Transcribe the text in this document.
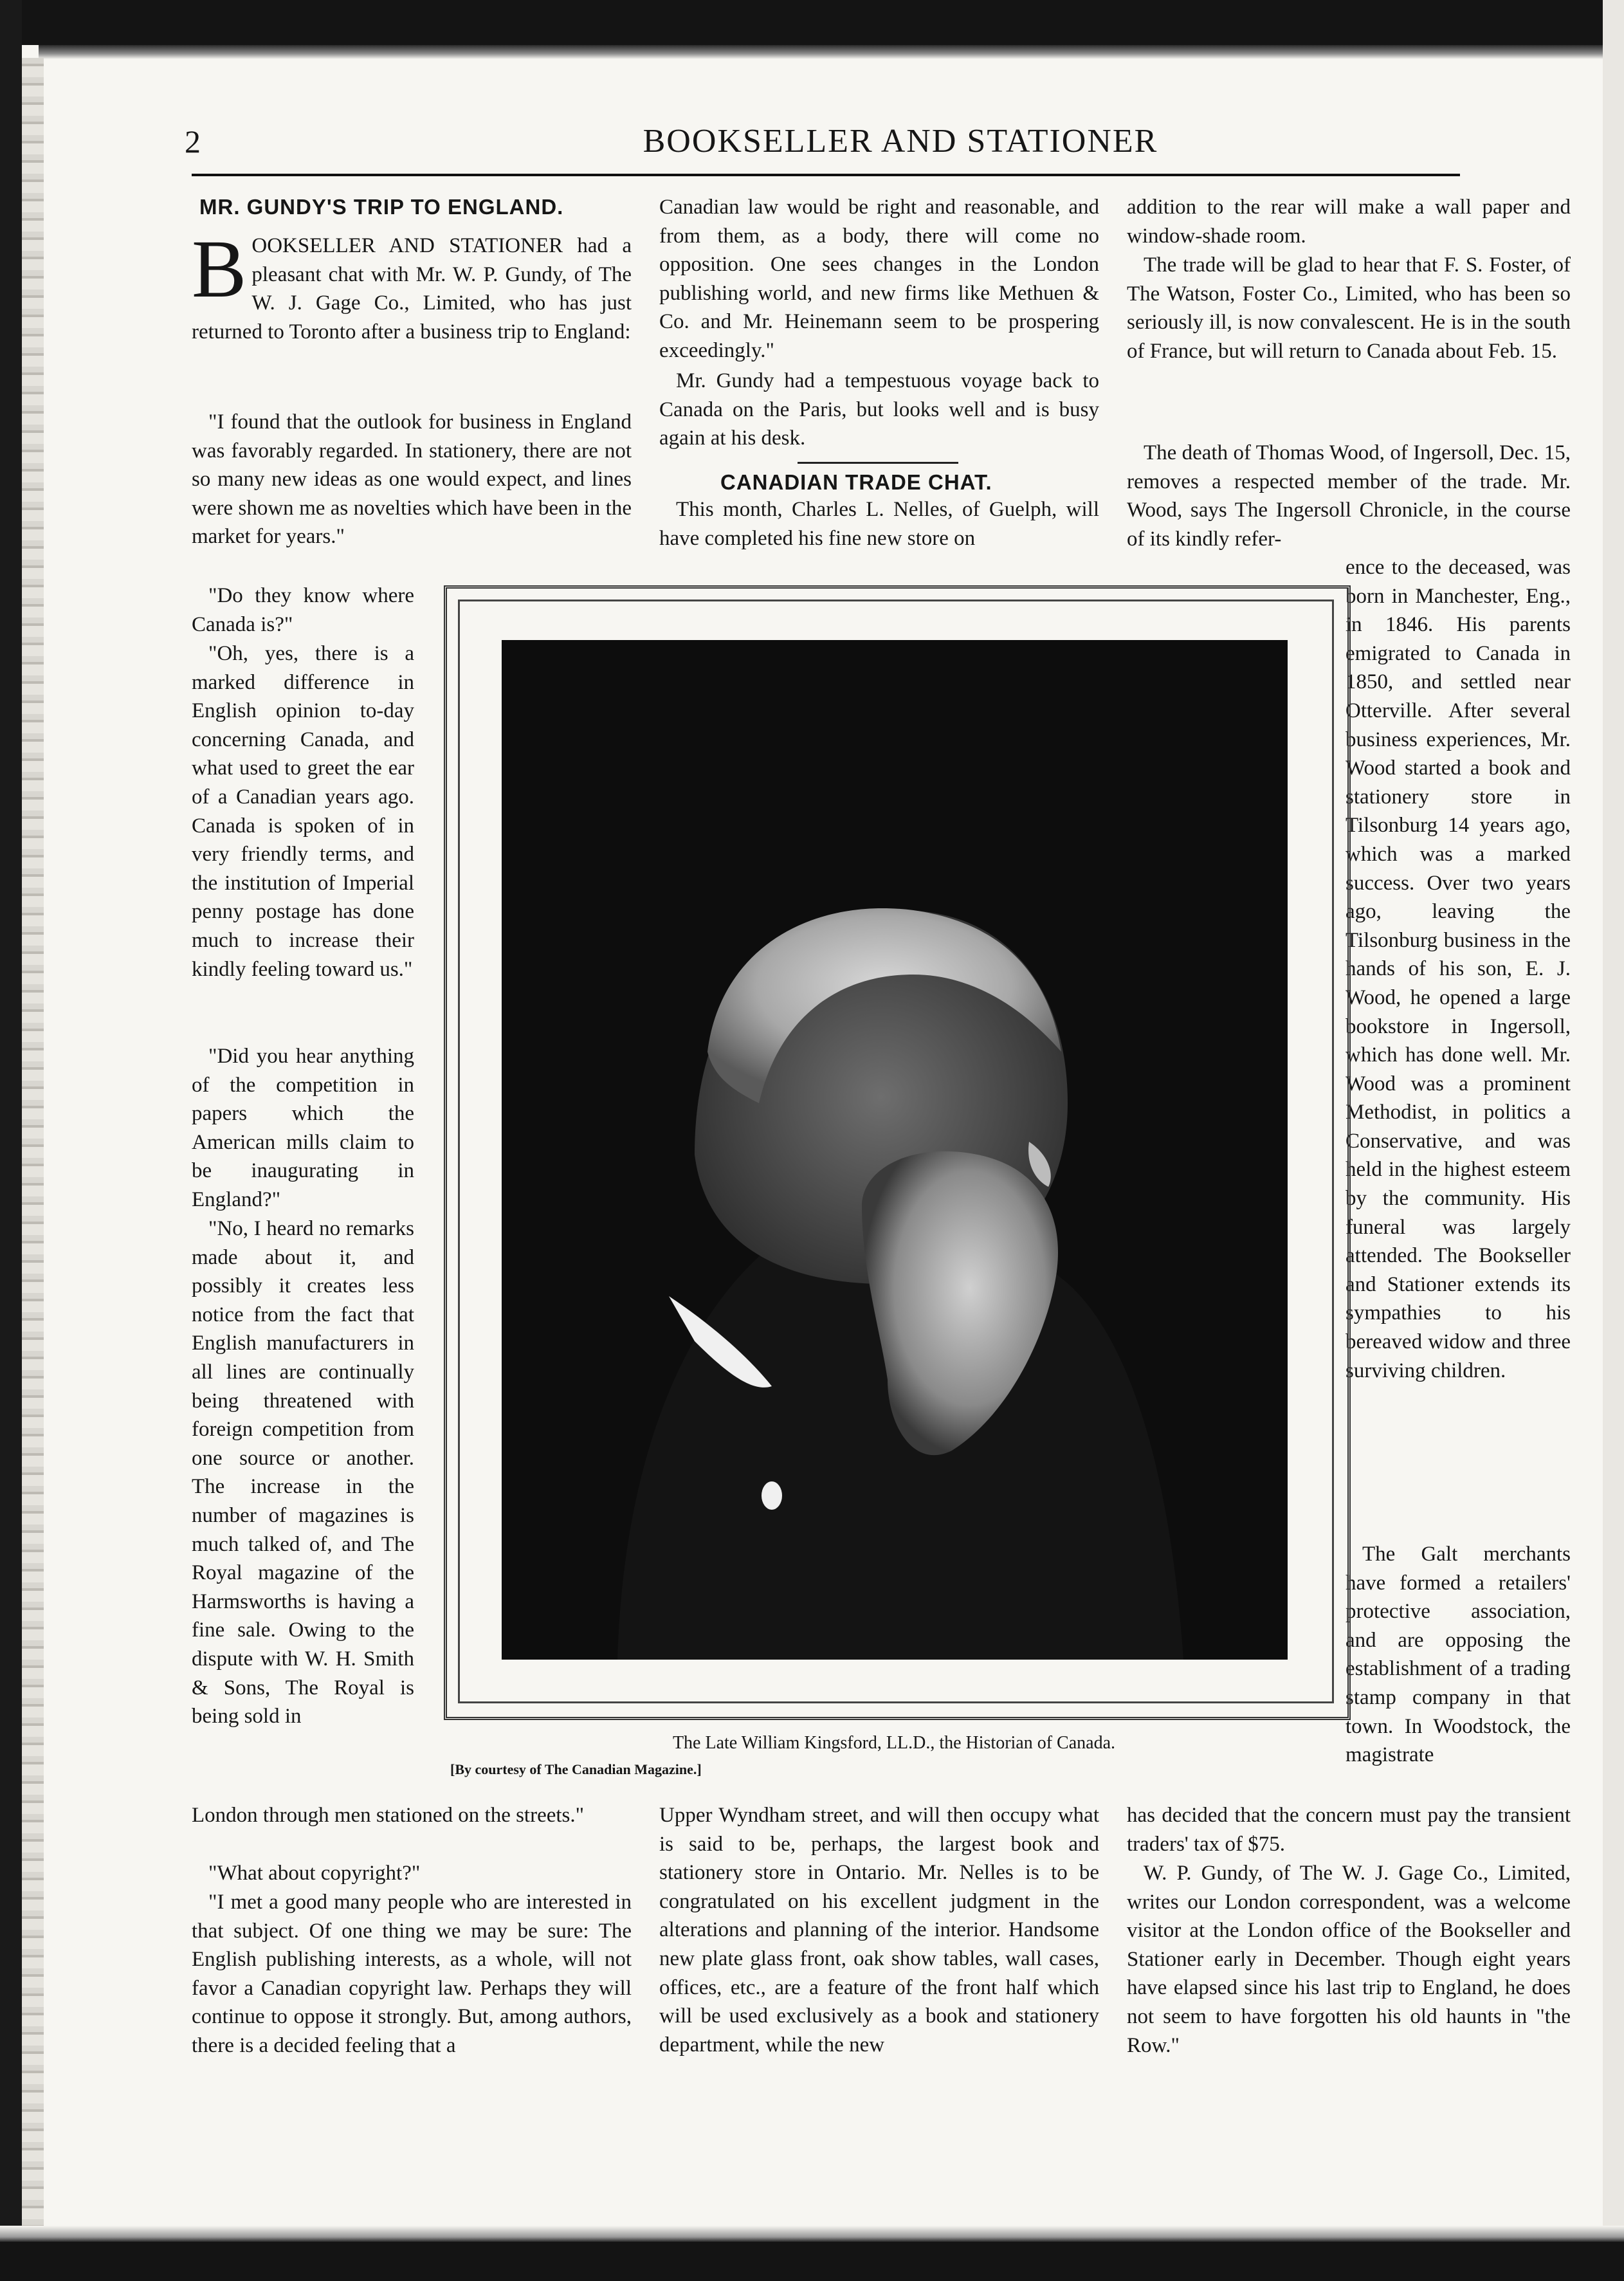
2	BOOKSELLER AND STATIONER
MR. GUNDY'S TRIP TO ENGLAND.

BOOKSELLER AND STATIONER had a pleasant chat with Mr. W. P. Gundy, of The W. J. Gage Co., Limited, who has just returned to Toronto after a business trip to England:

"I found that the outlook for business in England was favorably regarded. In stationery, there are not so many new ideas as one would expect, and lines were shown me as novelties which have been in the market for years."

"Do they know where Canada is?"

"Oh, yes, there is a marked difference in English opinion to-day concerning Canada, and what used to greet the ear of a Canadian years ago. Canada is spoken of in very friendly terms, and the institution of Imperial penny postage has done much to increase their kindly feeling toward us."

"Did you hear anything of the competition in papers which the American mills claim to be inaugurating in England?"

"No, I heard no remarks made about it, and possibly it creates less notice from the fact that English manufacturers in all lines are continually being threatened with foreign competition from one source or another. The increase in the number of magazines is much talked of, and The Royal magazine of the Harmsworths is having a fine sale. Owing to the dispute with W. H. Smith & Sons, The Royal is being sold in

London through men stationed on the streets."

"What about copyright?"

"I met a good many people who are interested in that subject. Of one thing we may be sure: The English publishing interests, as a whole, will not favor a Canadian copyright law. Perhaps they will continue to oppose it strongly. But, among authors, there is a decided feeling that a

Canadian law would be right and reasonable, and from them, as a body, there will come no opposition. One sees changes in the London publishing world, and new firms like Methuen & Co. and Mr. Heinemann seem to be prospering exceedingly."

Mr. Gundy had a tempestuous voyage back to Canada on the Paris, but looks well and is busy again at his desk.

CANADIAN TRADE CHAT.

This month, Charles L. Nelles, of Guelph, will have completed his fine new store on

Upper Wyndham street, and will then occupy what is said to be, perhaps, the largest book and stationery store in Ontario. Mr. Nelles is to be congratulated on his excellent judgment in the alterations and planning of the interior. Handsome new plate glass front, oak show tables, wall cases, offices, etc., are a feature of the front half which will be used exclusively as a book and stationery department, while the new

addition to the rear will make a wall paper and window-shade room.

The trade will be glad to hear that F. S. Foster, of The Watson, Foster Co., Limited, who has been so seriously ill, is now convalescent. He is in the south of France, but will return to Canada about Feb. 15.

The death of Thomas Wood, of Ingersoll, Dec. 15, removes a respected member of the trade. Mr. Wood, says The Ingersoll Chronicle, in the course of its kindly refer-

ence to the deceased, was born in Manchester, Eng., in 1846. His parents emigrated to Canada in 1850, and settled near Otterville. After several business experiences, Mr. Wood started a book and stationery store in Tilsonburg 14 years ago, which was a marked success. Over two years ago, leaving the Tilsonburg business in the hands of his son, E. J. Wood, he opened a large bookstore in Ingersoll, which has done well. Mr. Wood was a prominent Methodist, in politics a Conservative, and was held in the highest esteem by the community. His funeral was largely attended. The Bookseller and Stationer extends its sympathies to his bereaved widow and three surviving children.

The Galt merchants have formed a retailers' protective association, and are opposing the establishment of a trading stamp company in that town. In Woodstock, the magistrate

has decided that the concern must pay the transient traders' tax of $75.

W. P. Gundy, of The W. J. Gage Co., Limited, writes our London correspondent, was a welcome visitor at the London office of the Bookseller and Stationer early in December. Though eight years have elapsed since his last trip to England, he does not seem to have forgotten his old haunts in "the Row."

The Late William Kingsford, LL.D., the Historian of Canada.
[By courtesy of The Canadian Magazine.]
